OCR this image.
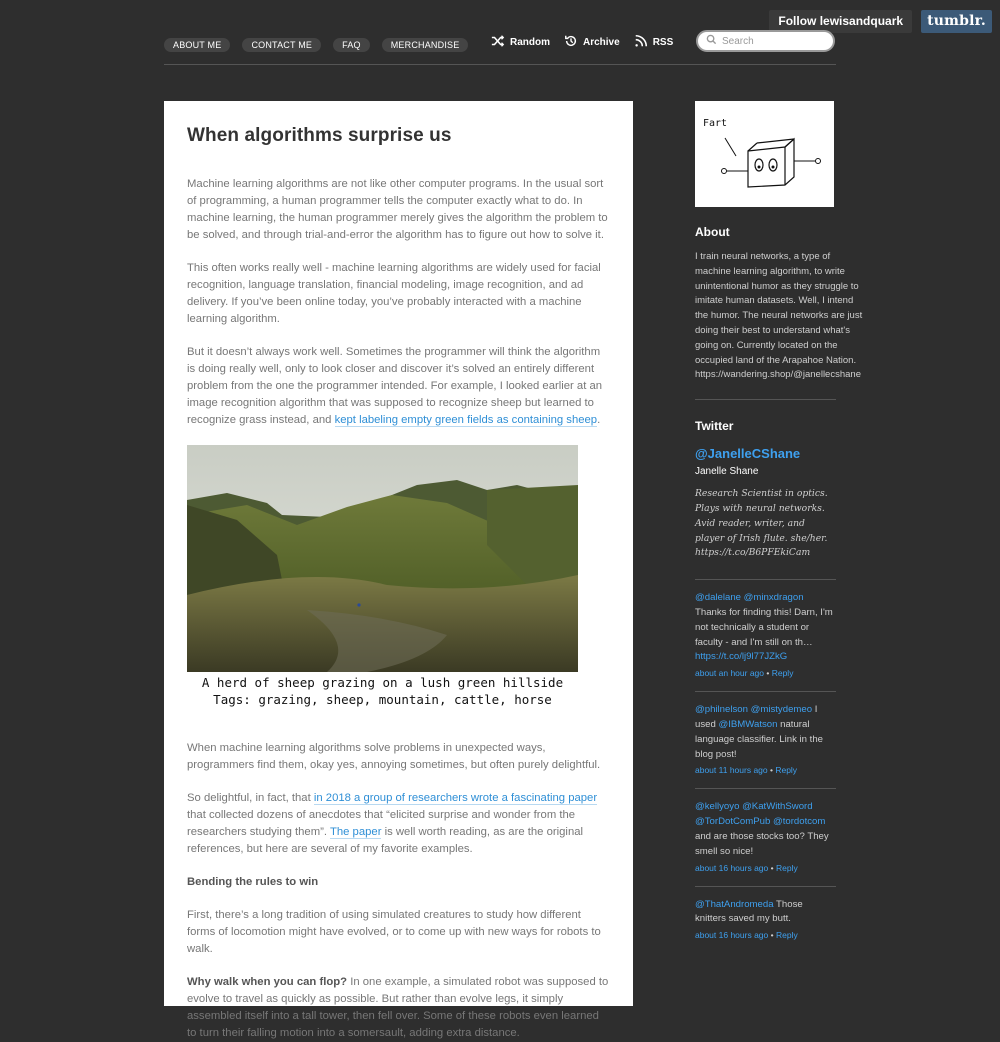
Follow lewisandquark	tumblr.
ABOUT ME	CONTACT ME	FAQ	MERCHANDISE	Random	Archive	RSS
Search
When algorithms surprise us

Machine learning algorithms are not like other computer programs. In the usual sort of programming, a human programmer tells the computer exactly what to do. In machine learning, the human programmer merely gives the algorithm the problem to be solved, and through trial-and-error the algorithm has to figure out how to solve it.

This often works really well - machine learning algorithms are widely used for facial recognition, language translation, financial modeling, image recognition, and ad delivery. If you’ve been online today, you’ve probably interacted with a machine learning algorithm.

But it doesn’t always work well. Sometimes the programmer will think the algorithm is doing really well, only to look closer and discover it’s solved an entirely different problem from the one the programmer intended. For example, I looked earlier at an image recognition algorithm that was supposed to recognize sheep but learned to recognize grass instead, and kept labeling empty green fields as containing sheep.

A herd of sheep grazing on a lush green hillside
Tags: grazing, sheep, mountain, cattle, horse

When machine learning algorithms solve problems in unexpected ways, programmers find them, okay yes, annoying sometimes, but often purely delightful.

So delightful, in fact, that in 2018 a group of researchers wrote a fascinating paper that collected dozens of anecdotes that “elicited surprise and wonder from the researchers studying them”. The paper is well worth reading, as are the original references, but here are several of my favorite examples.

Bending the rules to win

First, there’s a long tradition of using simulated creatures to study how different forms of locomotion might have evolved, or to come up with new ways for robots to walk.

Why walk when you can flop? In one example, a simulated robot was supposed to evolve to travel as quickly as possible. But rather than evolve legs, it simply assembled itself into a tall tower, then fell over. Some of these robots even learned to turn their falling motion into a somersault, adding extra distance.

Fart
About
I train neural networks, a type of machine learning algorithm, to write unintentional humor as they struggle to imitate human datasets. Well, I intend the humor. The neural networks are just doing their best to understand what's going on. Currently located on the occupied land of the Arapahoe Nation. https://wandering.shop/@janellecshane
Twitter
@JanelleCShane
Janelle Shane
Research Scientist in optics. Plays with neural networks. Avid reader, writer, and player of Irish flute. she/her. https://t.co/B6PFEkiCam
@dalelane @minxdragon Thanks for finding this! Darn, I'm not technically a student or faculty - and I'm still on th… https://t.co/lj9l77JZkG
about an hour ago • Reply
@philnelson @mistydemeo I used @IBMWatson natural language classifier. Link in the blog post!
about 11 hours ago • Reply
@kellyoyo @KatWithSword @TorDotComPub @tordotcom and are those stocks too? They smell so nice!
about 16 hours ago • Reply
@ThatAndromeda Those knitters saved my butt.
about 16 hours ago • Reply
